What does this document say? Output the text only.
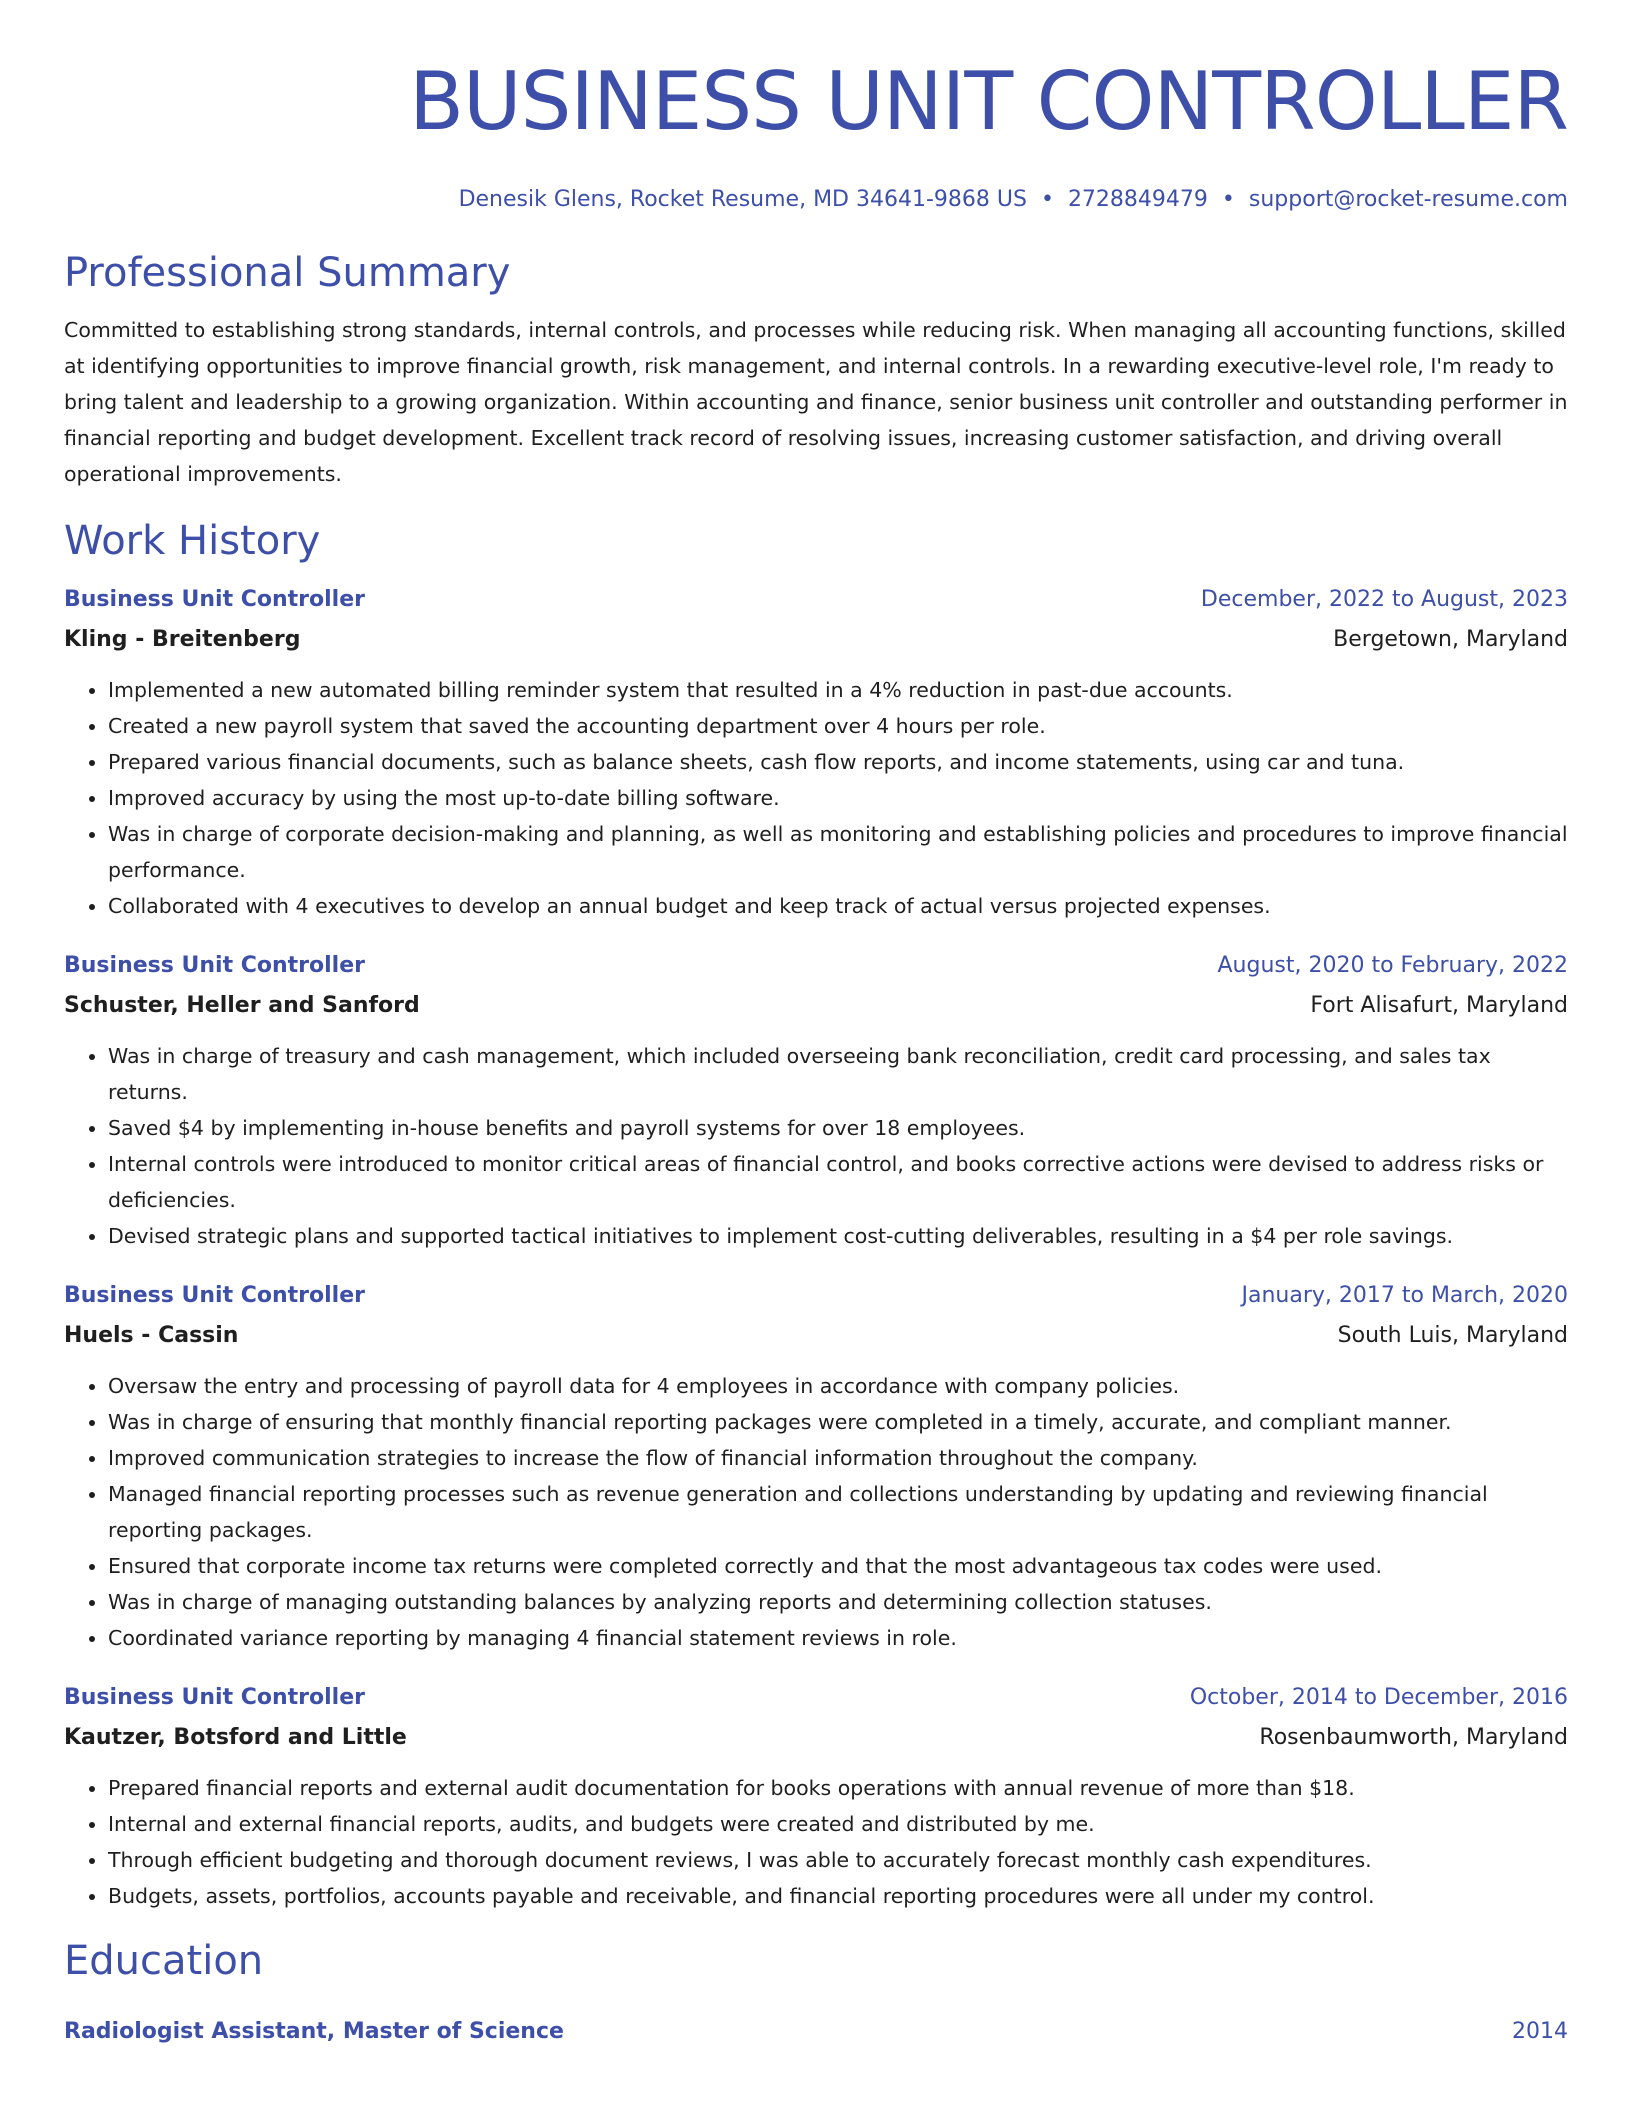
BUSINESS UNIT CONTROLLER
Denesik Glens, Rocket Resume, MD 34641-9868 US • 2728849479 • support@rocket-resume.com
Professional Summary
Committed to establishing strong standards, internal controls, and processes while reducing risk. When managing all accounting functions, skilled at identifying opportunities to improve financial growth, risk management, and internal controls. In a rewarding executive-level role, I'm ready to bring talent and leadership to a growing organization. Within accounting and finance, senior business unit controller and outstanding performer in financial reporting and budget development. Excellent track record of resolving issues, increasing customer satisfaction, and driving overall operational improvements.
Work History
Business Unit Controller	December, 2022 to August, 2023
Kling - Breitenberg	Bergetown, Maryland
• Implemented a new automated billing reminder system that resulted in a 4% reduction in past-due accounts.
• Created a new payroll system that saved the accounting department over 4 hours per role.
• Prepared various financial documents, such as balance sheets, cash flow reports, and income statements, using car and tuna.
• Improved accuracy by using the most up-to-date billing software.
• Was in charge of corporate decision-making and planning, as well as monitoring and establishing policies and procedures to improve financial performance.
• Collaborated with 4 executives to develop an annual budget and keep track of actual versus projected expenses.
Business Unit Controller	August, 2020 to February, 2022
Schuster, Heller and Sanford	Fort Alisafurt, Maryland
• Was in charge of treasury and cash management, which included overseeing bank reconciliation, credit card processing, and sales tax returns.
• Saved $4 by implementing in-house benefits and payroll systems for over 18 employees.
• Internal controls were introduced to monitor critical areas of financial control, and books corrective actions were devised to address risks or deficiencies.
• Devised strategic plans and supported tactical initiatives to implement cost-cutting deliverables, resulting in a $4 per role savings.
Business Unit Controller	January, 2017 to March, 2020
Huels - Cassin	South Luis, Maryland
• Oversaw the entry and processing of payroll data for 4 employees in accordance with company policies.
• Was in charge of ensuring that monthly financial reporting packages were completed in a timely, accurate, and compliant manner.
• Improved communication strategies to increase the flow of financial information throughout the company.
• Managed financial reporting processes such as revenue generation and collections understanding by updating and reviewing financial reporting packages.
• Ensured that corporate income tax returns were completed correctly and that the most advantageous tax codes were used.
• Was in charge of managing outstanding balances by analyzing reports and determining collection statuses.
• Coordinated variance reporting by managing 4 financial statement reviews in role.
Business Unit Controller	October, 2014 to December, 2016
Kautzer, Botsford and Little	Rosenbaumworth, Maryland
• Prepared financial reports and external audit documentation for books operations with annual revenue of more than $18.
• Internal and external financial reports, audits, and budgets were created and distributed by me.
• Through efficient budgeting and thorough document reviews, I was able to accurately forecast monthly cash expenditures.
• Budgets, assets, portfolios, accounts payable and receivable, and financial reporting procedures were all under my control.
Education
Radiologist Assistant, Master of Science	2014
